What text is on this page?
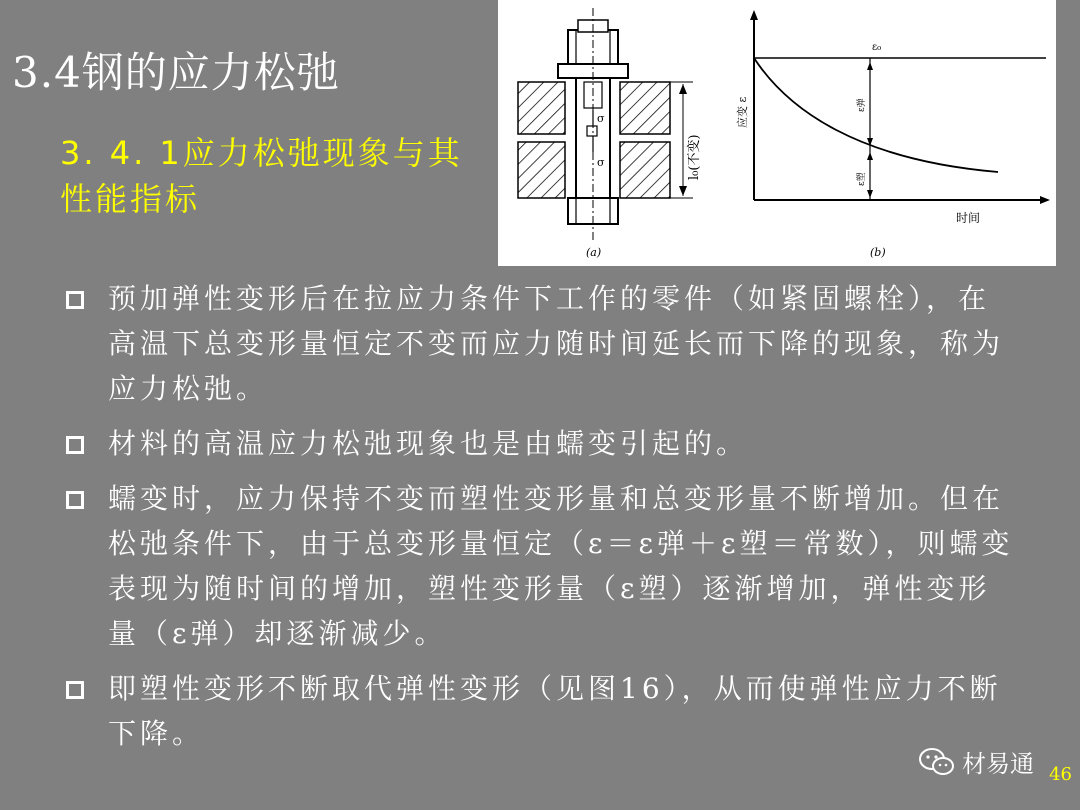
3.4钢的应力松弛
3. 4. 1应力松弛现象与其性能指标
σ
σ	l₀(不变)
(a)
ε₀
ε弹
ε塑
应变 ε
时间
(b)
预加弹性变形后在拉应力条件下工作的零件（如紧固螺栓），在高温下总变形量恒定不变而应力随时间延长而下降的现象，称为应力松弛。
材料的高温应力松弛现象也是由蠕变引起的。
蠕变时，应力保持不变而塑性变形量和总变形量不断增加。但在松弛条件下，由于总变形量恒定（ε＝ε弹＋ε塑＝常数），则蠕变表现为随时间的增加，塑性变形量（ε塑）逐渐增加，弹性变形量（ε弹）却逐渐减少。
即塑性变形不断取代弹性变形（见图16），从而使弹性应力不断下降。
材易通 46
